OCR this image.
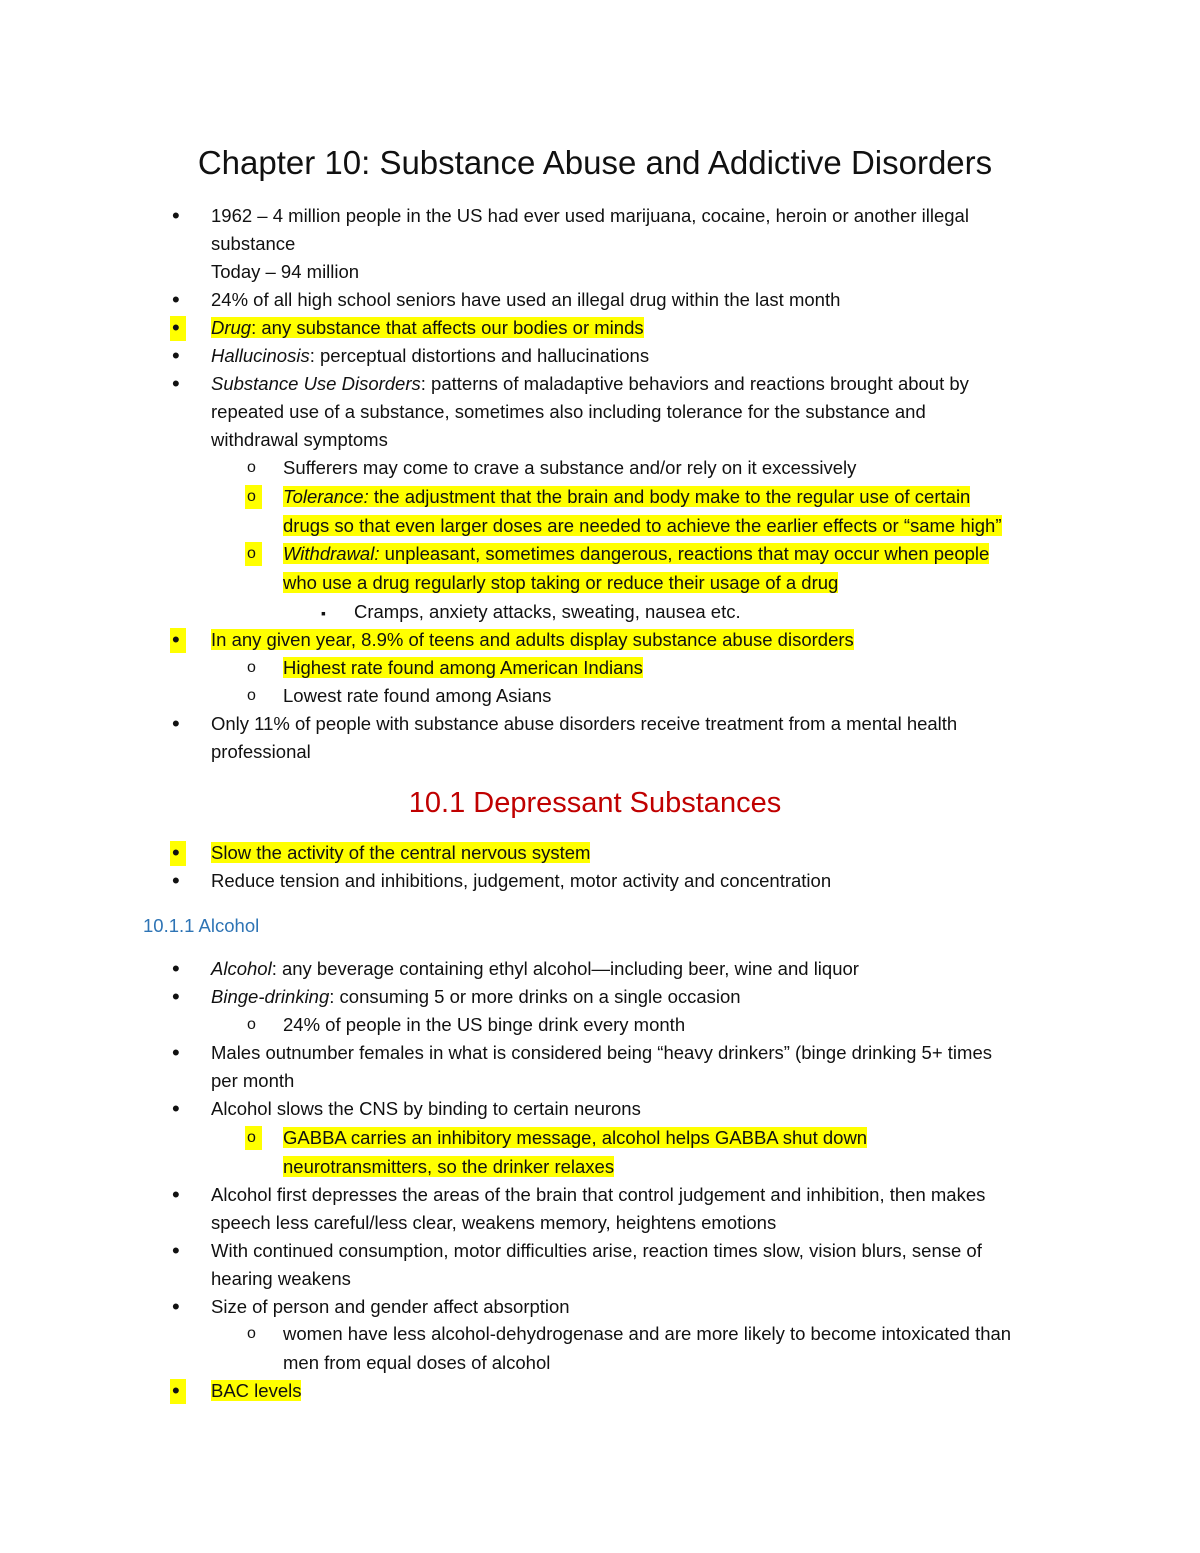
Chapter 10: Substance Abuse and Addictive Disorders
•
1962 – 4 million people in the US had ever used marijuana, cocaine, heroin or another illegal
substance
Today – 94 million
•
24% of all high school seniors have used an illegal drug within the last month
•
Drug: any substance that affects our bodies or minds
•
Hallucinosis: perceptual distortions and hallucinations
•
Substance Use Disorders: patterns of maladaptive behaviors and reactions brought about by
repeated use of a substance, sometimes also including tolerance for the substance and
withdrawal symptoms
o Sufferers may come to crave a substance and/or rely on it excessively
o	Tolerance: the adjustment that the brain and body make to the regular use of certain
drugs so that even larger doses are needed to achieve the earlier effects or “same high”
o	Withdrawal: unpleasant, sometimes dangerous, reactions that may occur when people
who use a drug regularly stop taking or reduce their usage of a drug
▪
Cramps, anxiety attacks, sweating, nausea etc.
•
In any given year, 8.9% of teens and adults display substance abuse disorders
o Highest rate found among American Indians
o Lowest rate found among Asians
•
Only 11% of people with substance abuse disorders receive treatment from a mental health
professional
10.1 Depressant Substances
•
Slow the activity of the central nervous system
•
Reduce tension and inhibitions, judgement, motor activity and concentration
10.1.1 Alcohol
•
Alcohol: any beverage containing ethyl alcohol—including beer, wine and liquor
•
Binge-drinking: consuming 5 or more drinks on a single occasion
o 24% of people in the US binge drink every month
•
Males outnumber females in what is considered being “heavy drinkers” (binge drinking 5+ times
per month
•
Alcohol slows the CNS by binding to certain neurons
o	GABBA carries an inhibitory message, alcohol helps GABBA shut down
neurotransmitters, so the drinker relaxes
•
Alcohol first depresses the areas of the brain that control judgement and inhibition, then makes
speech less careful/less clear, weakens memory, heightens emotions
•
With continued consumption, motor difficulties arise, reaction times slow, vision blurs, sense of
hearing weakens
•
Size of person and gender affect absorption
o women have less alcohol-dehydrogenase and are more likely to become intoxicated than
men from equal doses of alcohol
•
BAC levels
